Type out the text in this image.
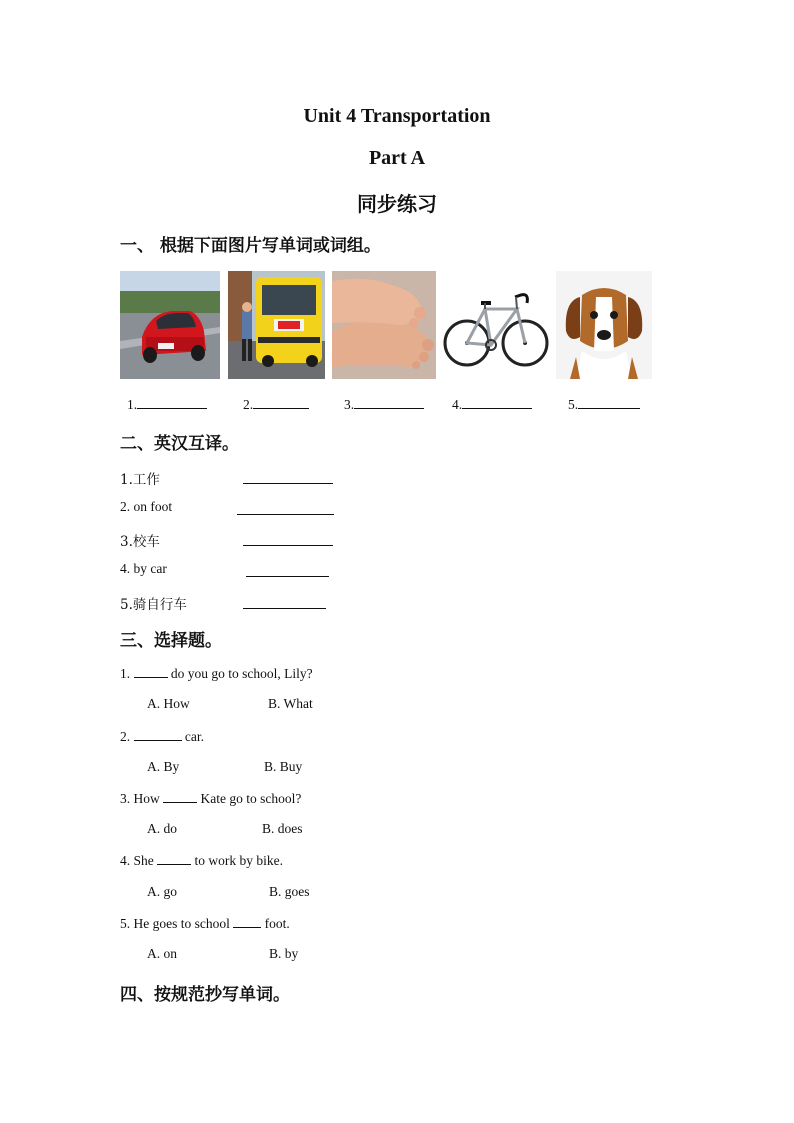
Unit 4 Transportation
Part A
同步练习
一、 根据下面图片写单词或词组。
1.	2.	3.	4.	5.
二、英汉互译。
1.工作
2. on foot
3.校车
4. by car
5.骑自行车
三、选择题。
1.	do you go to school, Lily?
A. How	B. What
2.	car.
A. By	B. Buy
3. How	Kate go to school?
A. do	B. does
4. She	to work by bike.
A. go	B. goes
5. He goes to school	foot.
A. on	B. by
四、按规范抄写单词。
